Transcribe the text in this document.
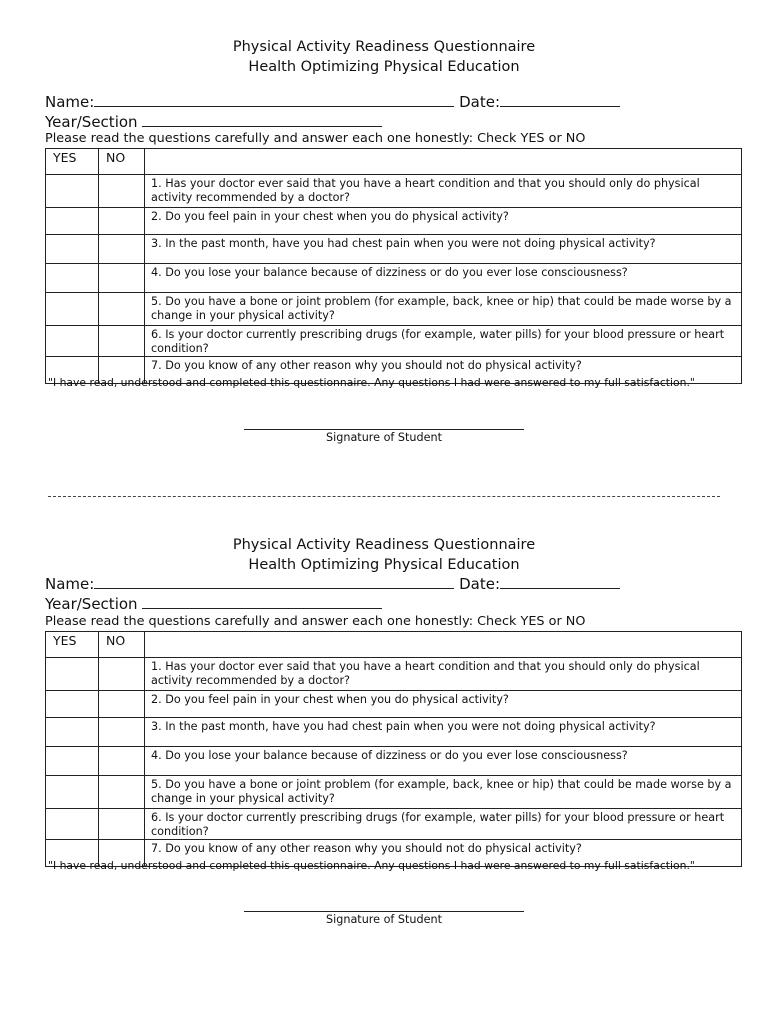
Physical Activity Readiness Questionnaire
Health Optimizing Physical Education
Name:	Date:
Year/Section
Please read the questions carefully and answer each one honestly: Check YES or NO
YES	NO	
		1. Has your doctor ever said that you have a heart condition and that you should only do physical activity recommended by a doctor?
		2. Do you feel pain in your chest when you do physical activity?
		3. In the past month, have you had chest pain when you were not doing physical activity?
		4. Do you lose your balance because of dizziness or do you ever lose consciousness?
		5. Do you have a bone or joint problem (for example, back, knee or hip) that could be made worse by a change in your physical activity?
		6. Is your doctor currently prescribing drugs (for example, water pills) for your blood pressure or heart condition?
		7. Do you know of any other reason why you should not do physical activity?
"I have read, understood and completed this questionnaire. Any questions I had were answered to my full satisfaction."
Signature of Student
Physical Activity Readiness Questionnaire
Health Optimizing Physical Education
Name:	Date:
Year/Section
Please read the questions carefully and answer each one honestly: Check YES or NO
YES	NO	
		1. Has your doctor ever said that you have a heart condition and that you should only do physical activity recommended by a doctor?
		2. Do you feel pain in your chest when you do physical activity?
		3. In the past month, have you had chest pain when you were not doing physical activity?
		4. Do you lose your balance because of dizziness or do you ever lose consciousness?
		5. Do you have a bone or joint problem (for example, back, knee or hip) that could be made worse by a change in your physical activity?
		6. Is your doctor currently prescribing drugs (for example, water pills) for your blood pressure or heart condition?
		7. Do you know of any other reason why you should not do physical activity?
"I have read, understood and completed this questionnaire. Any questions I had were answered to my full satisfaction."
Signature of Student
